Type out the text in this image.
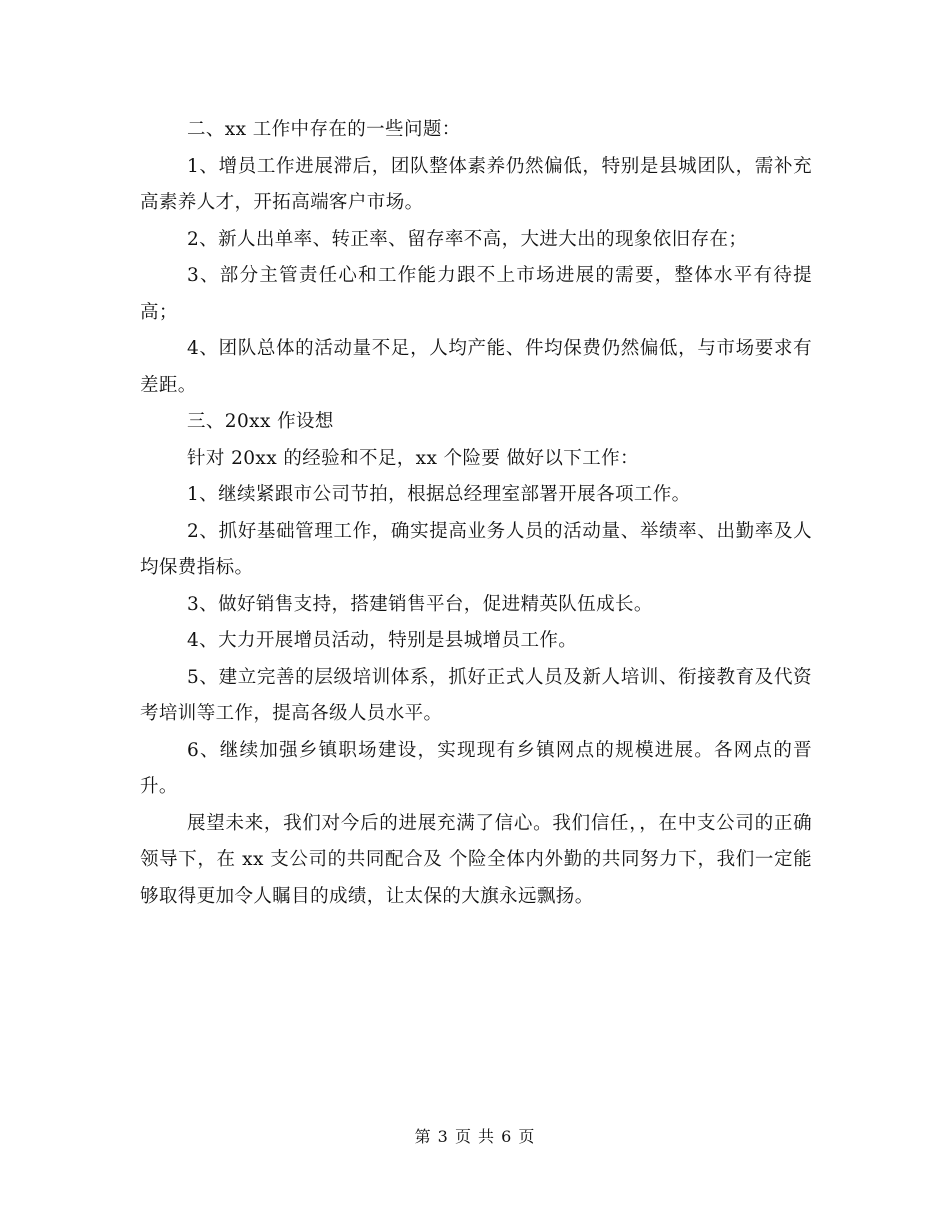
二、xx 工作中存在的一些问题：

1、增员工作进展滞后，团队整体素养仍然偏低，特别是县城团队，需补充高素养人才，开拓高端客户市场。

2、新人出单率、转正率、留存率不高，大进大出的现象依旧存在；

3、部分主管责任心和工作能力跟不上市场进展的需要，整体水平有待提高；

4、团队总体的活动量不足，人均产能、件均保费仍然偏低，与市场要求有差距。

三、20xx 作设想

针对 20xx 的经验和不足，xx 个险要 做好以下工作：

1、继续紧跟市公司节拍，根据总经理室部署开展各项工作。

2、抓好基础管理工作，确实提高业务人员的活动量、举绩率、出勤率及人均保费指标。

3、做好销售支持，搭建销售平台，促进精英队伍成长。

4、大力开展增员活动，特别是县城增员工作。

5、建立完善的层级培训体系，抓好正式人员及新人培训、衔接教育及代资考培训等工作，提高各级人员水平。

6、继续加强乡镇职场建设，实现现有乡镇网点的规模进展。各网点的晋升。

展望未来，我们对今后的进展充满了信心。我们信任，，在中支公司的正确领导下，在 xx 支公司的共同配合及 个险全体内外勤的共同努力下，我们一定能够取得更加令人瞩目的成绩，让太保的大旗永远飘扬。

第 3 页 共 6 页
